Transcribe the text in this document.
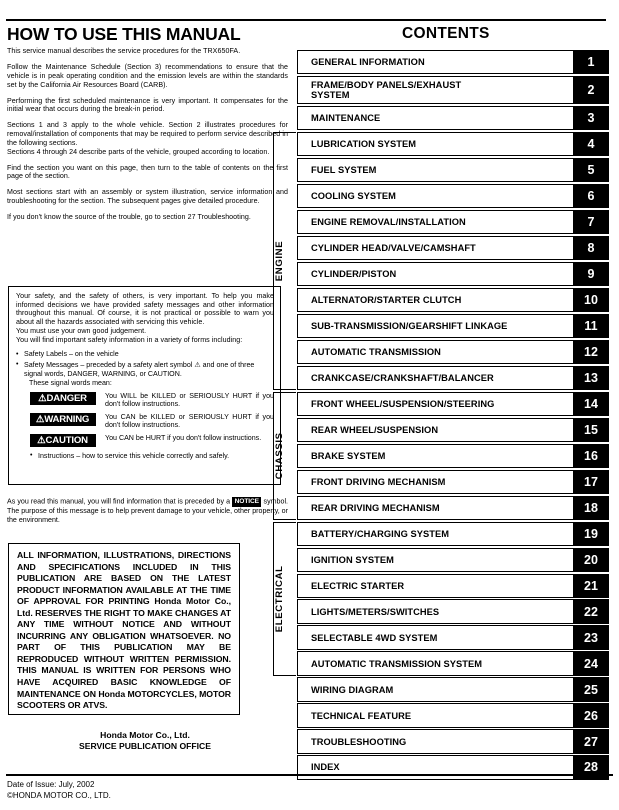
HOW TO USE THIS MANUAL	CONTENTS
This service manual describes the service procedures for the TRX650FA.
Follow the Maintenance Schedule (Section 3) recommendations to ensure that the vehicle is in peak operating condition and the emission levels are within the standards set by the California Air Resources Board (CARB).
Performing the first scheduled maintenance is very important. It compensates for the initial wear that occurs during the break-in period.
Sections 1 and 3 apply to the whole vehicle. Section 2 illustrates procedures for removal/installation of components that may be required to perform service described in the following sections.
Sections 4 through 24 describe parts of the vehicle, grouped according to location.
Find the section you want on this page, then turn to the table of contents on the first page of the section.
Most sections start with an assembly or system illustration, service information and troubleshooting for the section. The subsequent pages give detailed procedure.
If you don't know the source of the trouble, go to section 27 Troubleshooting.
Your safety, and the safety of others, is very important. To help you make informed decisions we have provided safety messages and other information throughout this manual. Of course, it is not practical or possible to warn you about all the hazards associated with servicing this vehicle.
You must use your own good judgement.
You will find important safety information in a variety of forms including:
• Safety Labels – on the vehicle
• Safety Messages – preceded by a safety alert symbol ⚠ and one of three signal words, DANGER, WARNING, or CAUTION.
These signal words mean:
⚠DANGER	You WILL be KILLED or SERIOUSLY HURT if you don't follow instructions.
⚠WARNING	You CAN be KILLED or SERIOUSLY HURT if you don't follow instructions.
⚠CAUTION	You CAN be HURT if you don't follow instructions.
• Instructions – how to service this vehicle correctly and safely.
As you read this manual, you will find information that is preceded by a NOTICE symbol. The purpose of this message is to help prevent damage to your vehicle, other property, or the environment.
ALL INFORMATION, ILLUSTRATIONS, DIRECTIONS AND SPECIFICATIONS INCLUDED IN THIS PUBLICATION ARE BASED ON THE LATEST PRODUCT INFORMATION AVAILABLE AT THE TIME OF APPROVAL FOR PRINTING Honda Motor Co., Ltd. RESERVES THE RIGHT TO MAKE CHANGES AT ANY TIME WITHOUT NOTICE AND WITHOUT INCURRING ANY OBLIGATION WHATSOEVER. NO PART OF THIS PUBLICATION MAY BE REPRODUCED WITHOUT WRITTEN PERMISSION. THIS MANUAL IS WRITTEN FOR PERSONS WHO HAVE ACQUIRED BASIC KNOWLEDGE OF MAINTENANCE ON Honda MOTORCYCLES, MOTOR SCOOTERS OR ATVS.
Honda Motor Co., Ltd.
SERVICE PUBLICATION OFFICE
Date of Issue: July, 2002
©HONDA MOTOR CO., LTD.
GENERAL INFORMATION	1
FRAME/BODY PANELS/EXHAUST
SYSTEM	2
MAINTENANCE	3
LUBRICATION SYSTEM	4
FUEL SYSTEM	5
COOLING SYSTEM	6
ENGINE REMOVAL/INSTALLATION	7
CYLINDER HEAD/VALVE/CAMSHAFT	8
CYLINDER/PISTON	9
ALTERNATOR/STARTER CLUTCH	10
SUB-TRANSMISSION/GEARSHIFT LINKAGE	11
AUTOMATIC TRANSMISSION	12
CRANKCASE/CRANKSHAFT/BALANCER	13
FRONT WHEEL/SUSPENSION/STEERING	14
REAR WHEEL/SUSPENSION	15
BRAKE SYSTEM	16
FRONT DRIVING MECHANISM	17
REAR DRIVING MECHANISM	18
BATTERY/CHARGING SYSTEM	19
IGNITION SYSTEM	20
ELECTRIC STARTER	21
LIGHTS/METERS/SWITCHES	22
SELECTABLE 4WD SYSTEM	23
AUTOMATIC TRANSMISSION SYSTEM	24
WIRING DIAGRAM	25
TECHNICAL FEATURE	26
TROUBLESHOOTING	27
INDEX	28
ENGINE
CHASSIS
ELECTRICAL
